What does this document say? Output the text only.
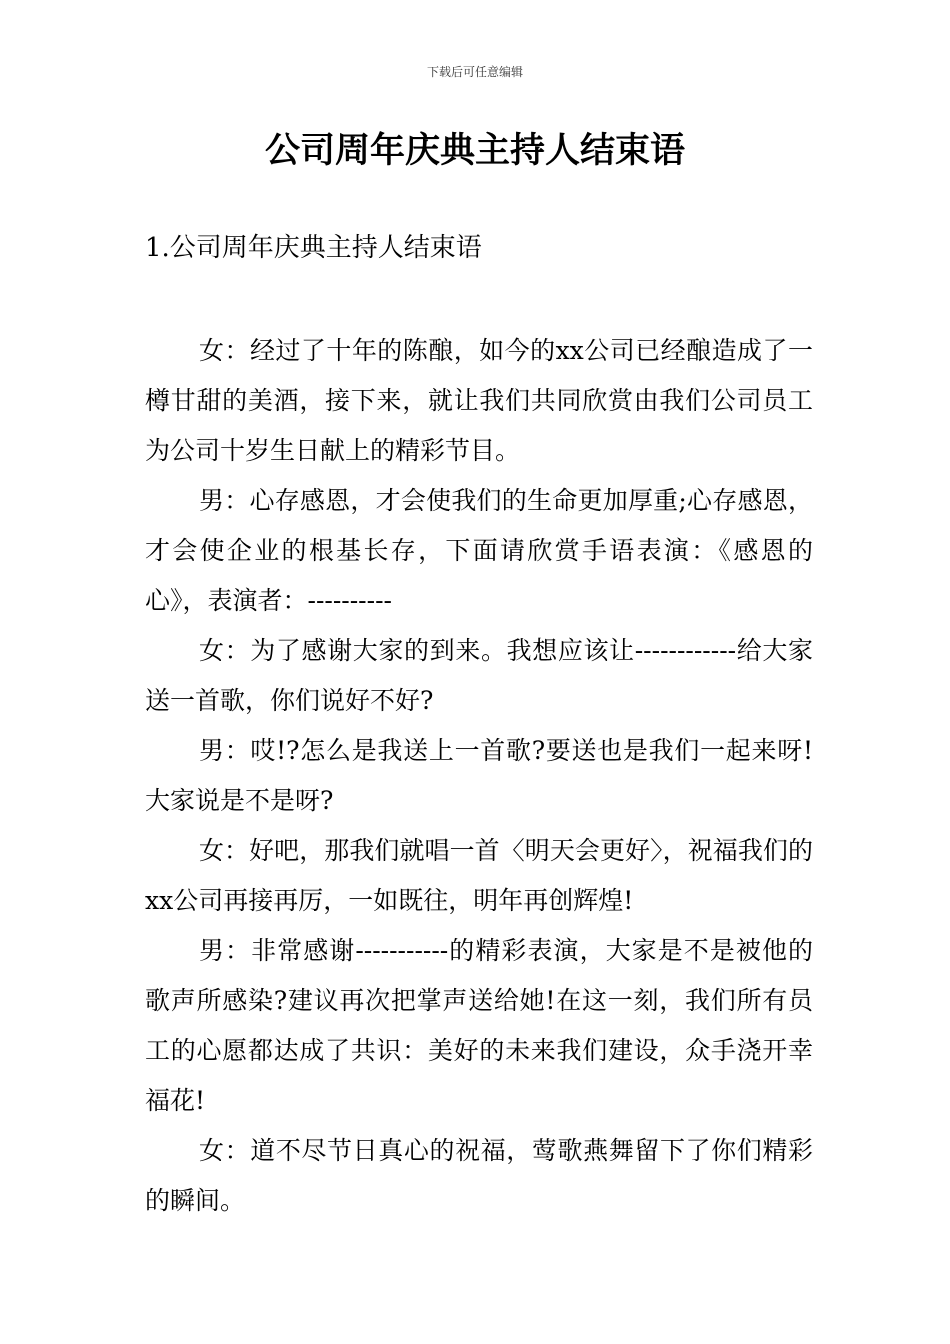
下载后可任意编辑
公司周年庆典主持人结束语
1.公司周年庆典主持人结束语

女：经过了十年的陈酿，如今的xx公司已经酿造成了一樽甘甜的美酒，接下来，就让我们共同欣赏由我们公司员工为公司十岁生日献上的精彩节目。

男：心存感恩，才会使我们的生命更加厚重;心存感恩，才会使企业的根基长存，下面请欣赏手语表演：《感恩的心》，表演者：----------

女：为了感谢大家的到来。我想应该让------------给大家送一首歌，你们说好不好?

男：哎!?怎么是我送上一首歌?要送也是我们一起来呀!大家说是不是呀?

女：好吧，那我们就唱一首〈明天会更好〉，祝福我们的xx公司再接再厉，一如既往，明年再创辉煌!

男：非常感谢-----------的精彩表演，大家是不是被他的歌声所感染?建议再次把掌声送给她!在这一刻，我们所有员工的心愿都达成了共识：美好的未来我们建设，众手浇开幸福花!

女：道不尽节日真心的祝福，莺歌燕舞留下了你们精彩的瞬间。
